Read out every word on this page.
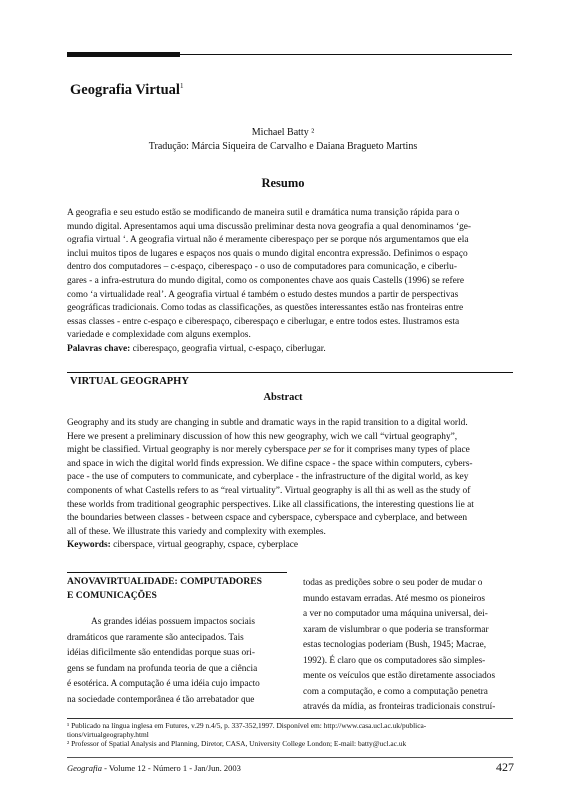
Geografia Virtual$^1$
Michael Batty ²
Tradução: Márcia Siqueira de Carvalho e Daiana Bragueto Martins
Resumo
A geografia e seu estudo estão se modificando de maneira sutil e dramática numa transição rápida para o
mundo digital. Apresentamos aqui uma discussão preliminar desta nova geografia a qual denominamos ‘ge-
ografia virtual ‘. A geografia virtual não é meramente ciberespaço per se porque nós argumentamos que ela
inclui muitos tipos de lugares e espaços nos quais o mundo digital encontra expressão. Definimos o espaço
dentro dos computadores – c-espaço, ciberespaço - o uso de computadores para comunicação, e ciberlu-
gares - a infra-estrutura do mundo digital, como os componentes chave aos quais Castells (1996) se refere
como ‘a virtualidade real’. A geografia virtual é também o estudo destes mundos a partir de perspectivas
geográficas tradicionais. Como todas as classificações, as questões interessantes estão nas fronteiras entre
essas classes - entre c-espaço e ciberespaço, ciberespaço e ciberlugar, e entre todos estes. Ilustramos esta
variedade e complexidade com alguns exemplos.
Palavras chave: ciberespaço, geografia virtual, c-espaço, ciberlugar.
VIRTUAL GEOGRAPHY
Abstract
Geography and its study are changing in subtle and dramatic ways in the rapid transition to a digital world.
Here we present a preliminary discussion of how this new geography, wich we call “virtual geography”,
might be classified. Virtual geography is nor merely cyberspace per se for it comprises many types of place
and space in wich the digital world finds expression. We difine cspace - the space within computers, cybers-
pace - the use of computers to communicate, and cyberplace - the infrastructure of the digital world, as key
components of what Castells refers to as “real virtuality”. Virtual geography is all thi as well as the study of
these worlds from traditional geographic perspectives. Like all classifications, the interesting questions lie at
the boundaries between classes - between cspace and cyberspace, cyberspace and cyberplace, and between
all of these. We illustrate this variedy and complexity with exemples.
Keywords: ciberspace, virtual geography, cspace, cyberplace
ANOVAVIRTUALIDADE: COMPUTADORES
E COMUNICAÇÕES
As grandes idéias possuem impactos sociais
dramáticos que raramente são antecipados. Tais
idéias dificilmente são entendidas porque suas ori-
gens se fundam na profunda teoria de que a ciência
é esotérica. A computação é uma idéia cujo impacto
na sociedade contemporânea é tão arrebatador que
todas as predições sobre o seu poder de mudar o
mundo estavam erradas. Até mesmo os pioneiros
a ver no computador uma máquina universal, dei-
xaram de vislumbrar o que poderia se transformar
estas tecnologias poderiam (Bush, 1945; Macrae,
1992). É claro que os computadores são simples-
mente os veículos que estão diretamente associados
com a computação, e como a computação penetra
através da mídia, as fronteiras tradicionais construí-
¹ Publicado na língua inglesa em Futures, v.29 n.4/5, p. 337-352,1997. Disponível em: http://www.casa.ucl.ac.uk/publica-
tions/virtualgeography.html
² Professor of Spatial Analysis and Planning, Diretor, CASA, University College London; E-mail: batty@ucl.ac.uk
Geografia - Volume 12 - Número 1 - Jan/Jun. 2003	427
